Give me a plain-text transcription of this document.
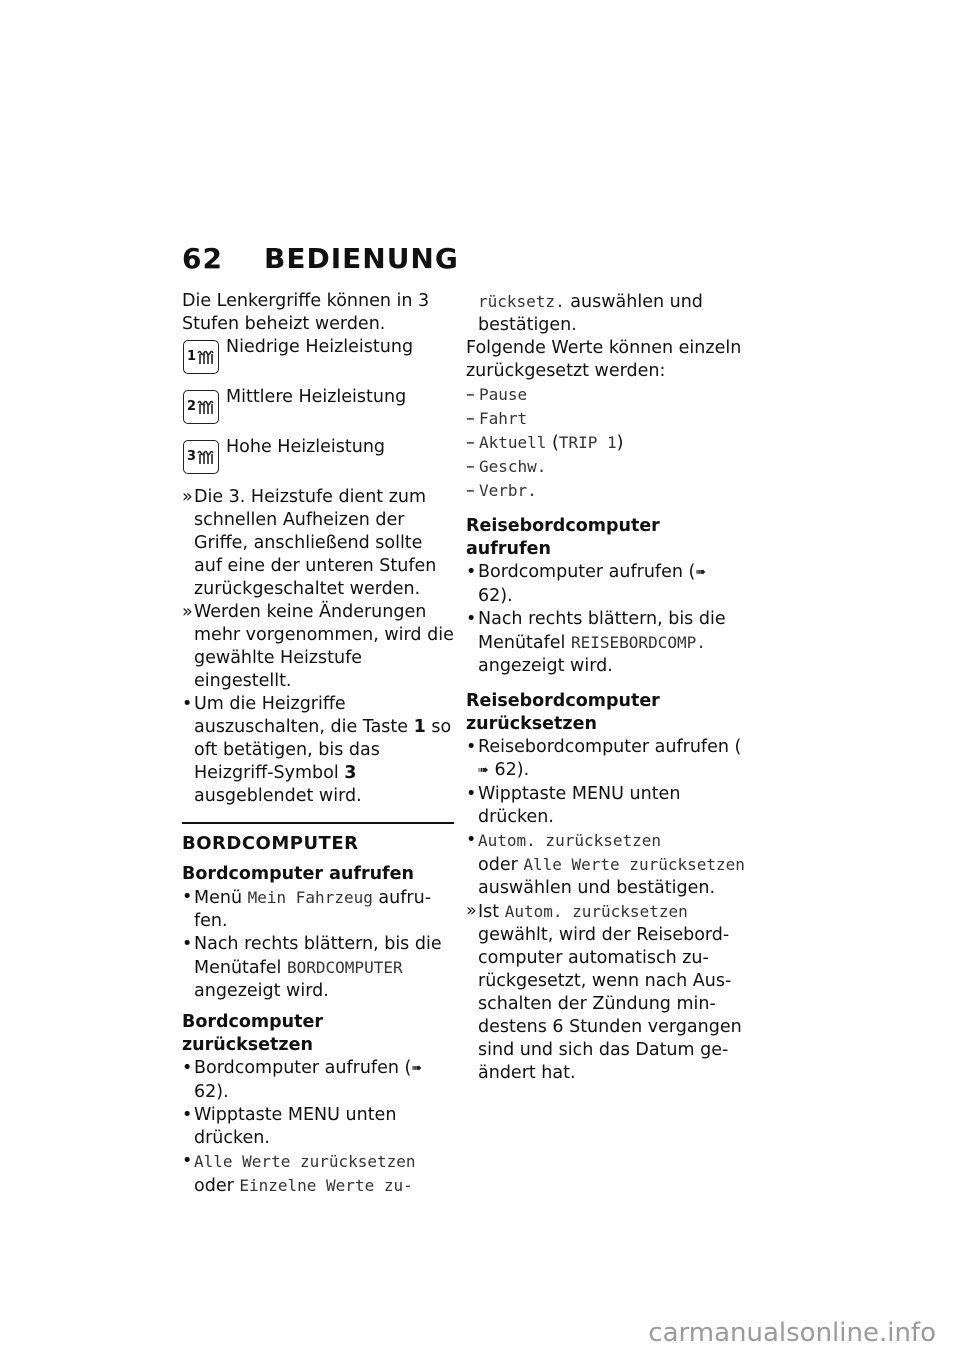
62 BEDIENUNG

Die Lenkergriffe können in 3 Stufen beheizt werden.

1 Niedrige Heizleistung
2 Mittlere Heizleistung
3 Hohe Heizleistung

» Die 3. Heizstufe dient zum schnellen Aufheizen der Griffe, anschließend sollte auf eine der unteren Stufen zurückgeschaltet werden.

» Werden keine Änderungen mehr vorgenommen, wird die gewählte Heizstufe eingestellt.

• Um die Heizgriffe auszuschalten, die Taste 1 so oft betätigen, bis das Heizgriff-Symbol 3 ausgeblendet wird.

BORDCOMPUTER

Bordcomputer aufrufen

• Menü Mein Fahrzeug aufrufen.

• Nach rechts blättern, bis die Menütafel BORDCOMPUTER angezeigt wird.

Bordcomputer zurücksetzen

• Bordcomputer aufrufen (➠ 62).

• Wipptaste MENU unten drücken.

• Alle Werte zurücksetzen
oder Einzelne Werte zu-

rücksetz. auswählen und bestätigen.

Folgende Werte können einzeln zurückgesetzt werden:

– Pause

– Fahrt

– Aktuell (TRIP 1)

– Geschw.

– Verbr.

Reisebordcomputer aufrufen

• Bordcomputer aufrufen (➠ 62).

• Nach rechts blättern, bis die Menütafel REISEBORDCOMP. angezeigt wird.

Reisebordcomputer zurücksetzen

• Reisebordcomputer aufrufen (➠ 62).

• Wipptaste MENU unten drücken.

• Autom. zurücksetzen
oder Alle Werte zurücksetzen auswählen und bestätigen.

» Ist Autom. zurücksetzen gewählt, wird der Reisebordcomputer automatisch zurückgesetzt, wenn nach Ausschalten der Zündung mindestens 6 Stunden vergangen sind und sich das Datum geändert hat.

carmanualsonline.info
